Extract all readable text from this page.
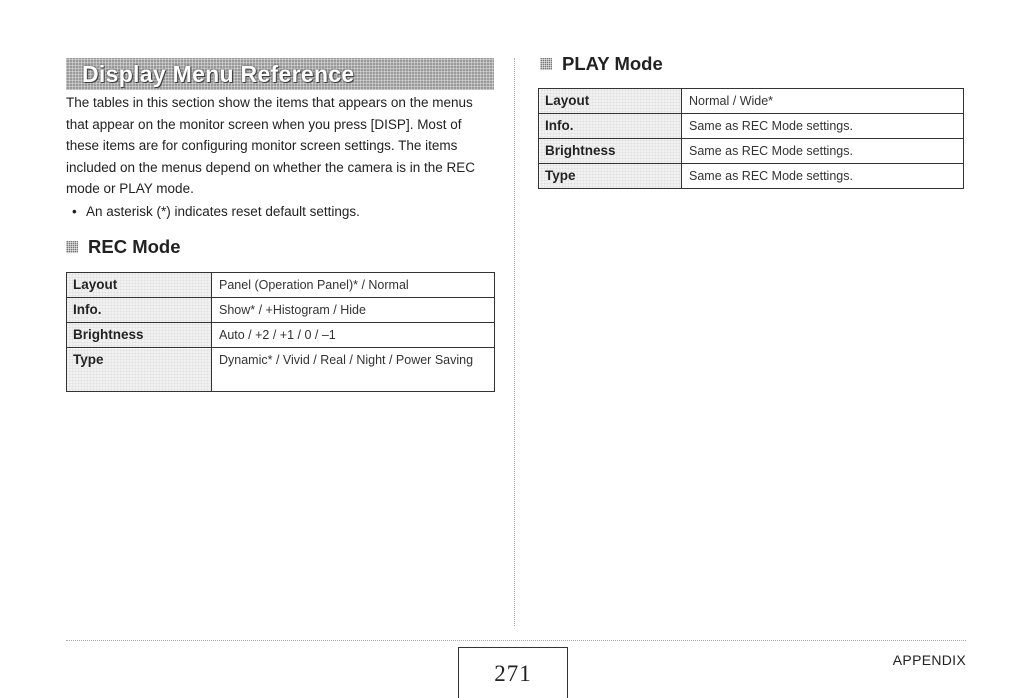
Display Menu Reference

The tables in this section show the items that appears on the menus that appear on the monitor screen when you press [DISP]. Most of these items are for configuring monitor screen settings. The items included on the menus depend on whether the camera is in the REC mode or PLAY mode.

• An asterisk (*) indicates reset default settings.

REC Mode
Layout	Panel (Operation Panel)* / Normal

Info.	Show* / +Histogram / Hide

Brightness	Auto / +2 / +1 / 0 / –1

Type	Dynamic* / Vivid / Real / Night / Power Saving
PLAY Mode
Layout	Normal / Wide*

Info.	Same as REC Mode settings.

Brightness	Same as REC Mode settings.

Type	Same as REC Mode settings.
271
APPENDIX
